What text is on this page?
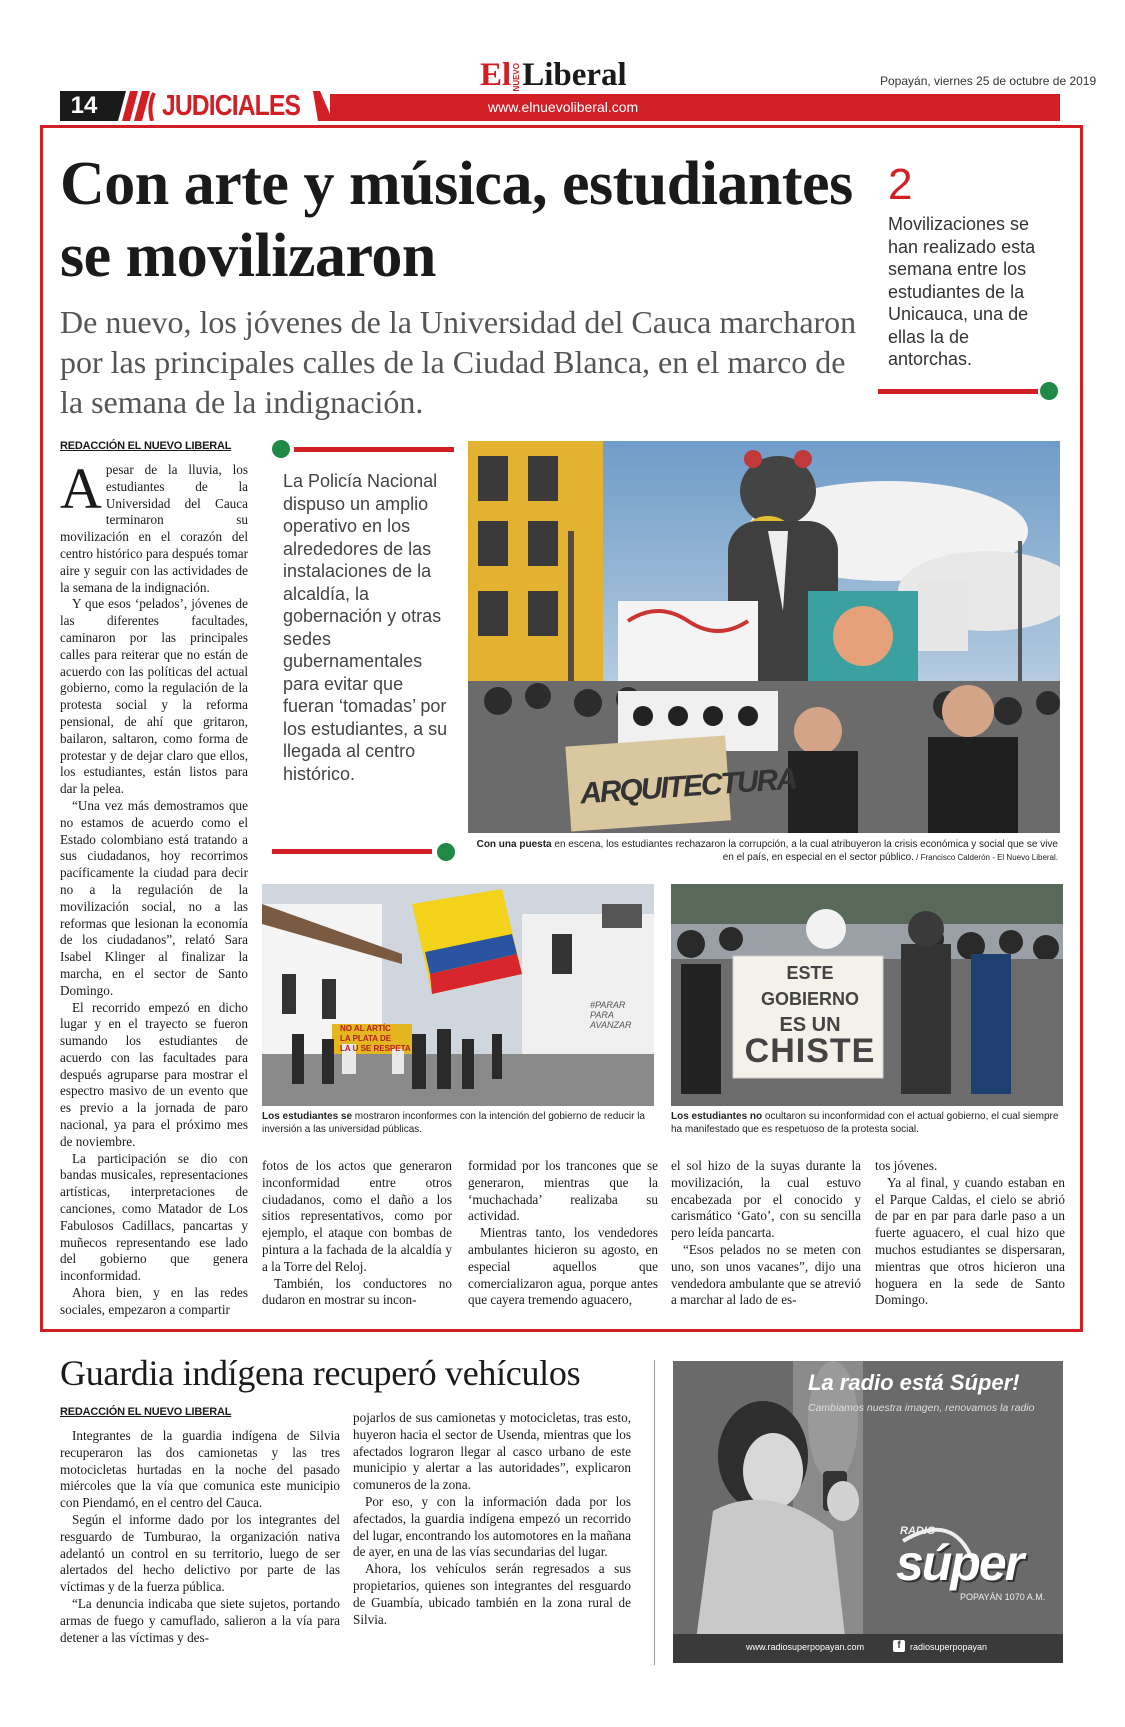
14	JUDICIALES	www.elnuevoliberal.com
ElNUEVOLiberal	Popayán, viernes 25 de octubre de 2019
Con arte y música, estudiantes se movilizaron
De nuevo, los jóvenes de la Universidad del Cauca marcharon por las principales calles de la Ciudad Blanca, en el marco de la semana de la indignación.
2
Movilizaciones se han realizado esta semana entre los estudiantes de la Unicauca, una de ellas la de antorchas.
REDACCIÓN EL NUEVO LIBERAL

Apesar de la lluvia, los estudiantes de la Universidad del Cauca terminaron su movilización en el corazón del centro histórico para después tomar aire y seguir con las actividades de la semana de la indignación.

Y que esos ‘pelados’, jóvenes de las diferentes facultades, caminaron por las principales calles para reiterar que no están de acuerdo con las políticas del actual gobierno, como la regulación de la protesta social y la reforma pensional, de ahí que gritaron, bailaron, saltaron, como forma de protestar y de dejar claro que ellos, los estudiantes, están listos para dar la pelea.

“Una vez más demostramos que no estamos de acuerdo como el Estado colombiano está tratando a sus ciudadanos, hoy recorrimos pacíficamente la ciudad para decir no a la regulación de la movilización social, no a las reformas que lesionan la economía de los ciudadanos”, relató Sara Isabel Klinger al finalizar la marcha, en el sector de Santo Domingo.

El recorrido empezó en dicho lugar y en el trayecto se fueron sumando los estudiantes de acuerdo con las facultades para después agruparse para mostrar el espectro masivo de un evento que es previo a la jornada de paro nacional, ya para el próximo mes de noviembre.

La participación se dio con bandas musicales, representaciones artísticas, interpretaciones de canciones, como Matador de Los Fabulosos Cadillacs, pancartas y muñecos representando ese lado del gobierno que genera inconformidad.

Ahora bien, y en las redes sociales, empezaron a compartir

La Policía Nacional dispuso un amplio operativo en los alrededores de las instalaciones de la alcaldía, la gobernación y otras sedes gubernamentales para evitar que fueran ‘tomadas’ por los estudiantes, a su llegada al centro histórico.	ARQUITECTURA
Con una puesta en escena, los estudiantes rechazaron la corrupción, a la cual atribuyeron la crisis económica y social que se vive en el país, en especial en el sector público. / Francisco Calderón - El Nuevo Liberal.
NO AL ARTÍC
LA PLATA DE
LA U SE RESPETA
#PARAR PARA AVANZAR
Los estudiantes se mostraron inconformes con la intención del gobierno de reducir la inversión a las universidad públicas.
ESTE GOBIERNO
ES UN
CHISTE
Los estudiantes no ocultaron su inconformidad con el actual gobierno, el cual siempre ha manifestado que es respetuoso de la protesta social.

fotos de los actos que generaron inconformidad entre otros ciudadanos, como el daño a los sitios representativos, como por ejemplo, el ataque con bombas de pintura a la fachada de la alcaldía y a la Torre del Reloj.

También, los conductores no dudaron en mostrar su incon-

formidad por los trancones que se generaron, mientras que la ‘muchachada’ realizaba su actividad.

Mientras tanto, los vendedores ambulantes hicieron su agosto, en especial aquellos que comercializaron agua, porque antes que cayera tremendo aguacero,

el sol hizo de la suyas durante la movilización, la cual estuvo encabezada por el conocido y carismático ‘Gato’, con su sencilla pero leída pancarta.

“Esos pelados no se meten con uno, son unos vacanes”, dijo una vendedora ambulante que se atrevió a marchar al lado de es-

tos jóvenes.

Ya al final, y cuando estaban en el Parque Caldas, el cielo se abrió de par en par para darle paso a un fuerte aguacero, el cual hizo que muchos estudiantes se dispersaran, mientras que otros hicieron una hoguera en la sede de Santo Domingo.

Guardia indígena recuperó vehículos
REDACCIÓN EL NUEVO LIBERAL

Integrantes de la guardia indígena de Silvia recuperaron las dos camionetas y las tres motocicletas hurtadas en la noche del pasado miércoles que la vía que comunica este municipio con Piendamó, en el centro del Cauca.

Según el informe dado por los integrantes del resguardo de Tumburao, la organización nativa adelantó un control en su territorio, luego de ser alertados del hecho delictivo por parte de las víctimas y de la fuerza pública.

“La denuncia indicaba que siete sujetos, portando armas de fuego y camuflado, salieron a la vía para detener a las víctimas y des-

pojarlos de sus camionetas y motocicletas, tras esto, huyeron hacia el sector de Usenda, mientras que los afectados lograron llegar al casco urbano de este municipio y alertar a las autoridades”, explicaron comuneros de la zona.

Por eso, y con la información dada por los afectados, la guardia indígena empezó un recorrido del lugar, encontrando los automotores en la mañana de ayer, en una de las vías secundarias del lugar.

Ahora, los vehículos serán regresados a sus propietarios, quienes son integrantes del resguardo de Guambía, ubicado también en la zona rural de Silvia.

La radio está Súper!
Cambiamos nuestra imagen, renovamos la radio
RADIO
súper
POPAYÁN 1070 A.M.
www.radiosuperpopayan.com	f	radiosuperpopayan
